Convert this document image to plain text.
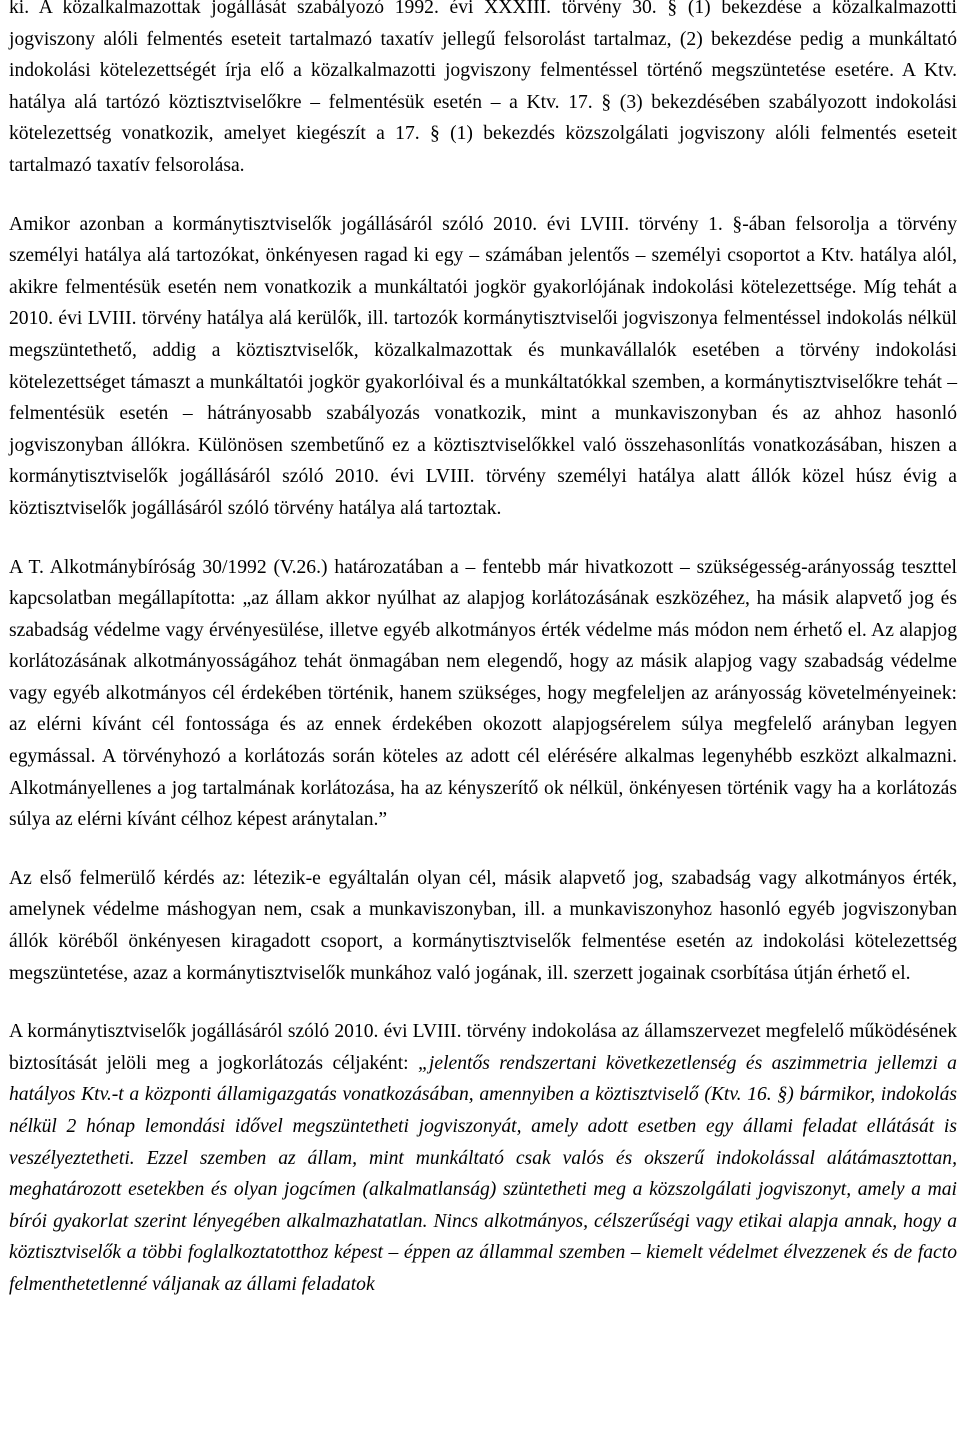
ki. A közalkalmazottak jogállását szabályozó 1992. évi XXXIII. törvény 30. § (1) bekezdése a közalkalmazotti jogviszony alóli felmentés eseteit tartalmazó taxatív jellegű felsorolást tartalmaz, (2) bekezdése pedig a munkáltató indokolási kötelezettségét írja elő a közalkalmazotti jogviszony felmentéssel történő megszüntetése esetére. A Ktv. hatálya alá tartózó köztisztviselőkre – felmentésük esetén – a Ktv. 17. § (3) bekezdésében szabályozott indokolási kötelezettség vonatkozik, amelyet kiegészít a 17. § (1) bekezdés közszolgálati jogviszony alóli felmentés eseteit tartalmazó taxatív felsorolása.

Amikor azonban a kormánytisztviselők jogállásáról szóló 2010. évi LVIII. törvény 1. §-ában felsorolja a törvény személyi hatálya alá tartozókat, önkényesen ragad ki egy – számában jelentős – személyi csoportot a Ktv. hatálya alól, akikre felmentésük esetén nem vonatkozik a munkáltatói jogkör gyakorlójának indokolási kötelezettsége. Míg tehát a 2010. évi LVIII. törvény hatálya alá kerülők, ill. tartozók kormánytisztviselői jogviszonya felmentéssel indokolás nélkül megszüntethető, addig a köztisztviselők, közalkalmazottak és munkavállalók esetében a törvény indokolási kötelezettséget támaszt a munkáltatói jogkör gyakorlóival és a munkáltatókkal szemben, a kormánytisztviselőkre tehát – felmentésük esetén – hátrányosabb szabályozás vonatkozik, mint a munkaviszonyban és az ahhoz hasonló jogviszonyban állókra. Különösen szembetűnő ez a köztisztviselőkkel való összehasonlítás vonatkozásában, hiszen a kormánytisztviselők jogállásáról szóló 2010. évi LVIII. törvény személyi hatálya alatt állók közel húsz évig a köztisztviselők jogállásáról szóló törvény hatálya alá tartoztak.

A T. Alkotmánybíróság 30/1992 (V.26.) határozatában a – fentebb már hivatkozott – szükségesség-arányosság teszttel kapcsolatban megállapította: „az állam akkor nyúlhat az alapjog korlátozásának eszközéhez, ha másik alapvető jog és szabadság védelme vagy érvényesülése, illetve egyéb alkotmányos érték védelme más módon nem érhető el. Az alapjog korlátozásának alkotmányosságához tehát önmagában nem elegendő, hogy az másik alapjog vagy szabadság védelme vagy egyéb alkotmányos cél érdekében történik, hanem szükséges, hogy megfeleljen az arányosság követelményeinek: az elérni kívánt cél fontossága és az ennek érdekében okozott alapjogsérelem súlya megfelelő arányban legyen egymással. A törvényhozó a korlátozás során köteles az adott cél elérésére alkalmas legenyhébb eszközt alkalmazni. Alkotmányellenes a jog tartalmának korlátozása, ha az kényszerítő ok nélkül, önkényesen történik vagy ha a korlátozás súlya az elérni kívánt célhoz képest aránytalan.”

Az első felmerülő kérdés az: létezik-e egyáltalán olyan cél, másik alapvető jog, szabadság vagy alkotmányos érték, amelynek védelme máshogyan nem, csak a munkaviszonyban, ill. a munkaviszonyhoz hasonló egyéb jogviszonyban állók köréből önkényesen kiragadott csoport, a kormánytisztviselők felmentése esetén az indokolási kötelezettség megszüntetése, azaz a kormánytisztviselők munkához való jogának, ill. szerzett jogainak csorbítása útján érhető el.

A kormánytisztviselők jogállásáról szóló 2010. évi LVIII. törvény indokolása az államszervezet megfelelő működésének biztosítását jelöli meg a jogkorlátozás céljaként: „jelentős rendszertani következetlenség és aszimmetria jellemzi a hatályos Ktv.-t a központi államigazgatás vonatkozásában, amennyiben a köztisztviselő (Ktv. 16. §) bármikor, indokolás nélkül 2 hónap lemondási idővel megszüntetheti jogviszonyát, amely adott esetben egy állami feladat ellátását is veszélyeztetheti. Ezzel szemben az állam, mint munkáltató csak valós és okszerű indokolással alátámasztottan, meghatározott esetekben és olyan jogcímen (alkalmatlanság) szüntetheti meg a közszolgálati jogviszonyt, amely a mai bírói gyakorlat szerint lényegében alkalmazhatatlan. Nincs alkotmányos, célszerűségi vagy etikai alapja annak, hogy a köztisztviselők a többi foglalkoztatotthoz képest – éppen az állammal szemben – kiemelt védelmet élvezzenek és de facto felmenthetetlenné váljanak az állami feladatok
